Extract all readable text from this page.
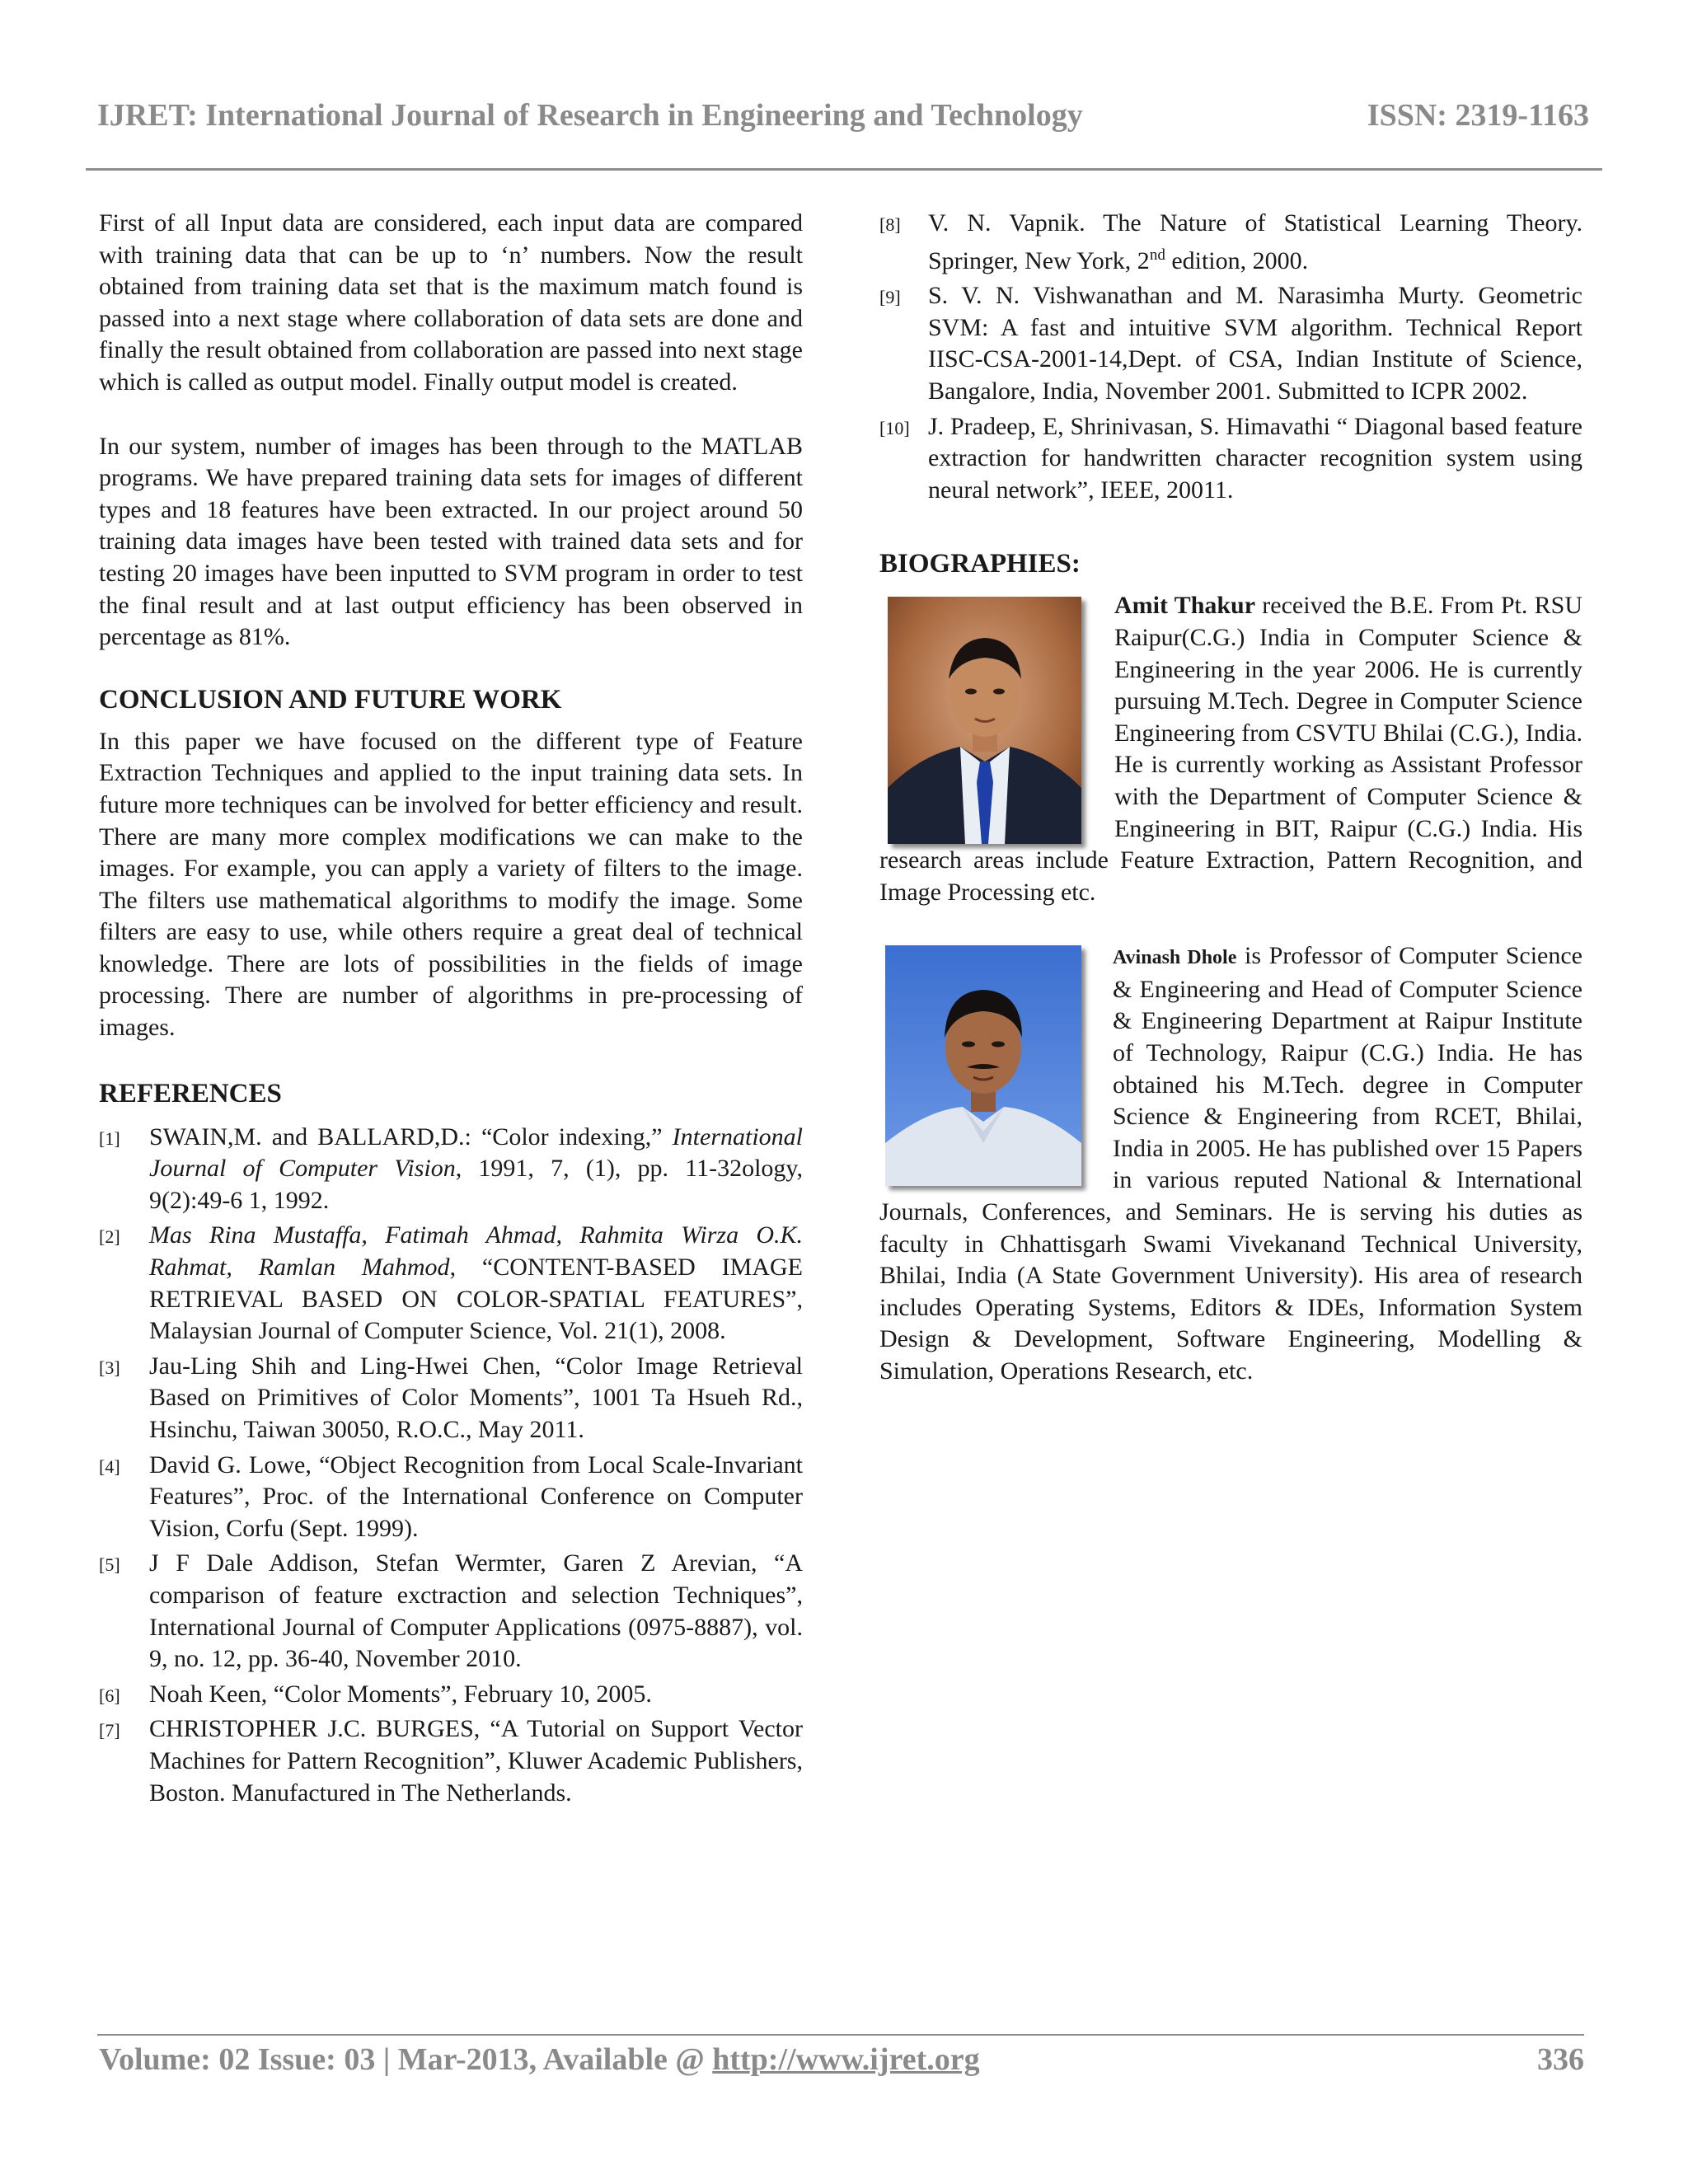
IJRET: International Journal of Research in Engineering and Technology	ISSN: 2319-1163

First of all Input data are considered, each input data are compared with training data that can be up to ‘n’ numbers. Now the result obtained from training data set that is the maximum match found is passed into a next stage where collaboration of data sets are done and finally the result obtained from collaboration are passed into next stage which is called as output model. Finally output model is created.

In our system, number of images has been through to the MATLAB programs. We have prepared training data sets for images of different types and 18 features have been extracted. In our project around 50 training data images have been tested with trained data sets and for testing 20 images have been inputted to SVM program in order to test the final result and at last output efficiency has been observed in percentage as 81%.

CONCLUSION AND FUTURE WORK

In this paper we have focused on the different type of Feature Extraction Techniques and applied to the input training data sets. In future more techniques can be involved for better efficiency and result. There are many more complex modifications we can make to the images. For example, you can apply a variety of filters to the image. The filters use mathematical algorithms to modify the image. Some filters are easy to use, while others require a great deal of technical knowledge. There are lots of possibilities in the fields of image processing. There are number of algorithms in pre-processing of images.

REFERENCES
[1] SWAIN,M. and BALLARD,D.: “Color indexing,” International Journal of Computer Vision, 1991, 7, (1), pp. 11-32ology, 9(2):49-6 1, 1992.
[2] Mas Rina Mustaffa, Fatimah Ahmad, Rahmita Wirza O.K. Rahmat, Ramlan Mahmod, “CONTENT-BASED IMAGE RETRIEVAL BASED ON COLOR-SPATIAL FEATURES”, Malaysian Journal of Computer Science, Vol. 21(1), 2008.
[3] Jau-Ling Shih and Ling-Hwei Chen, “Color Image Retrieval Based on Primitives of Color Moments”, 1001 Ta Hsueh Rd., Hsinchu, Taiwan 30050, R.O.C., May 2011.
[4] David G. Lowe, “Object Recognition from Local Scale-Invariant Features”, Proc. of the International Conference on Computer Vision, Corfu (Sept. 1999).
[5] J F Dale Addison, Stefan Wermter, Garen Z Arevian, “A comparison of feature exctraction and selection Techniques”, International Journal of Computer Applications (0975-8887), vol. 9, no. 12, pp. 36-40, November 2010.
[6] Noah Keen, “Color Moments”, February 10, 2005.
[7] CHRISTOPHER J.C. BURGES, “A Tutorial on Support Vector Machines for Pattern Recognition”, Kluwer Academic Publishers, Boston. Manufactured in The Netherlands.
[8] V. N. Vapnik. The Nature of Statistical Learning Theory. Springer, New York, 2nd edition, 2000.
[9] S. V. N. Vishwanathan and M. Narasimha Murty. Geometric SVM: A fast and intuitive SVM algorithm. Technical Report IISC-CSA-2001-14,Dept. of CSA, Indian Institute of Science, Bangalore, India, November 2001. Submitted to ICPR 2002.
[10] J. Pradeep, E, Shrinivasan, S. Himavathi “ Diagonal based feature extraction for handwritten character recognition system using neural network”, IEEE, 20011.
BIOGRAPHIES:

Amit Thakur received the B.E. From Pt. RSU Raipur(C.G.) India in Computer Science & Engineering in the year 2006. He is currently pursuing M.Tech. Degree in Computer Science Engineering from CSVTU Bhilai (C.G.), India. He is currently working as Assistant Professor with the Department of Computer Science & Engineering in BIT, Raipur (C.G.) India. His research areas include Feature Extraction, Pattern Recognition, and Image Processing etc.

Avinash Dhole is Professor of Computer Science & Engineering and Head of Computer Science & Engineering Department at Raipur Institute of Technology, Raipur (C.G.) India. He has obtained his M.Tech. degree in Computer Science & Engineering from RCET, Bhilai, India in 2005. He has published over 15 Papers in various reputed National & International Journals, Conferences, and Seminars. He is serving his duties as faculty in Chhattisgarh Swami Vivekanand Technical University, Bhilai, India (A State Government University). His area of research includes Operating Systems, Editors & IDEs, Information System Design & Development, Software Engineering, Modelling & Simulation, Operations Research, etc.

Volume: 02 Issue: 03 | Mar-2013, Available @ http://www.ijret.org	336
